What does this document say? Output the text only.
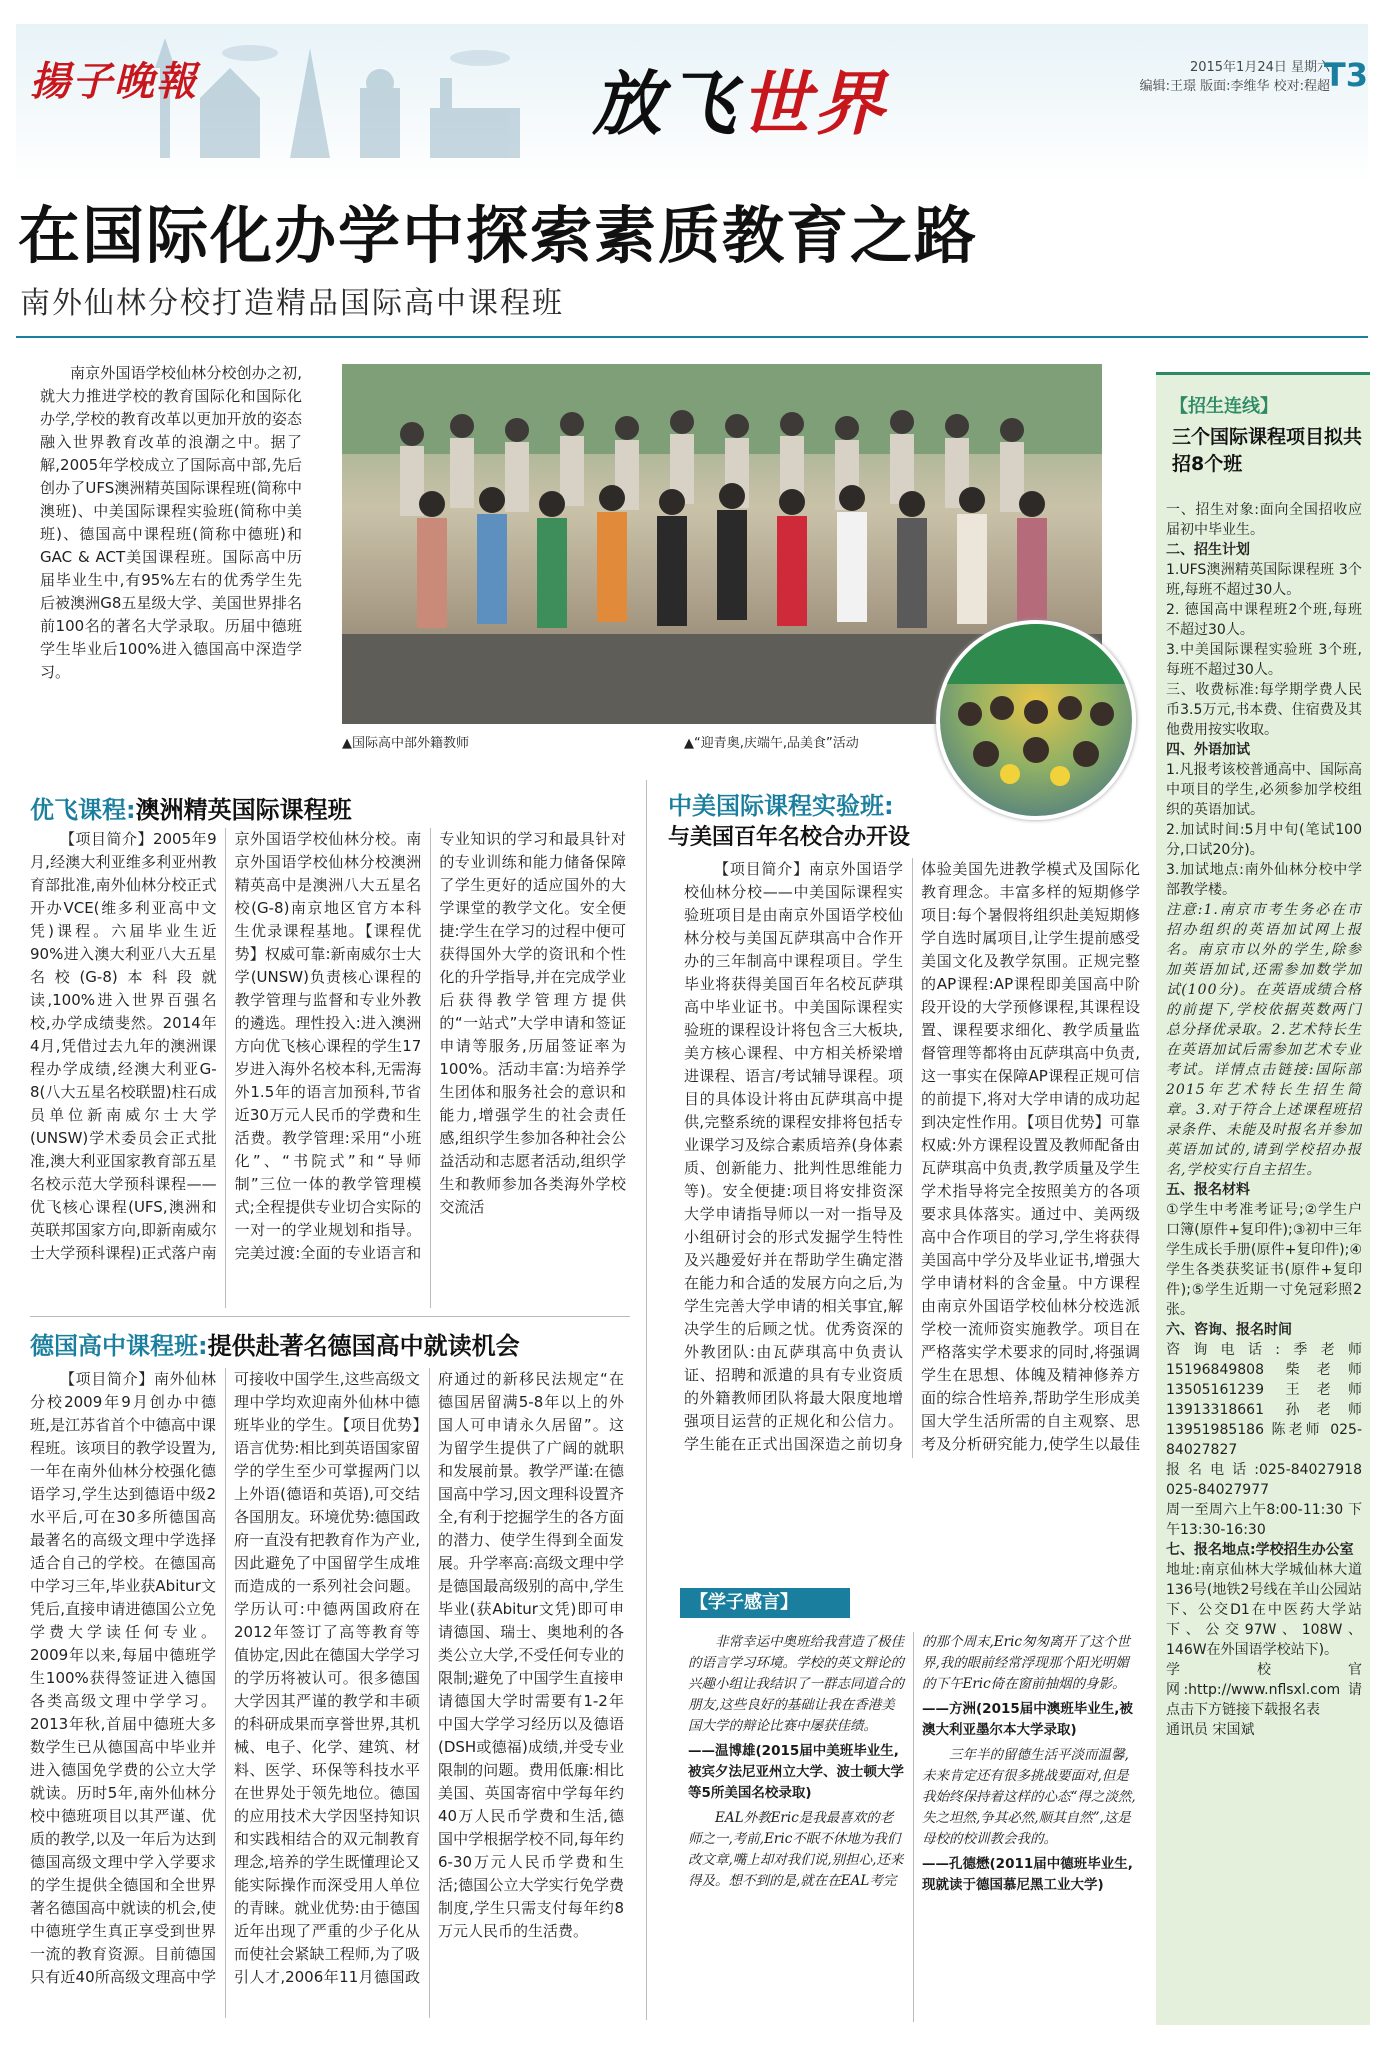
揚子晚報	放飞世界	2015年1月24日 星期六
编辑:王璟 版面:李维华 校对:程超
T3
在国际化办学中探索素质教育之路
南外仙林分校打造精品国际高中课程班

南京外国语学校仙林分校创办之初,就大力推进学校的教育国际化和国际化办学,学校的教育改革以更加开放的姿态融入世界教育改革的浪潮之中。据了解,2005年学校成立了国际高中部,先后创办了UFS澳洲精英国际课程班(简称中澳班)、中美国际课程实验班(简称中美班)、德国高中课程班(简称中德班)和GAC & ACT美国课程班。国际高中历届毕业生中,有95%左右的优秀学生先后被澳洲G8五星级大学、美国世界排名前100名的著名大学录取。历届中德班学生毕业后100%进入德国高中深造学习。

▲国际高中部外籍教师	▲“迎青奥,庆端午,品美食”活动
【招生连线】
三个国际课程项目拟共招8个班

一、招生对象:面向全国招收应届初中毕业生。

二、招生计划

1.UFS澳洲精英国际课程班 3个班,每班不超过30人。

2. 德国高中课程班2个班,每班不超过30人。

3.中美国际课程实验班 3个班,每班不超过30人。

三、收费标准:每学期学费人民币3.5万元,书本费、住宿费及其他费用按实收取。

四、外语加试

1.凡报考该校普通高中、国际高中项目的学生,必须参加学校组织的英语加试。

2.加试时间:5月中旬(笔试100分,口试20分)。

3.加试地点:南外仙林分校中学部教学楼。

注意:1.南京市考生务必在市招办组织的英语加试网上报名。南京市以外的学生,除参加英语加试,还需参加数学加试(100分)。在英语成绩合格的前提下,学校依据英数两门总分择优录取。2.艺术特长生在英语加试后需参加艺术专业考试。详情点击链接:国际部2015年艺术特长生招生简章。3.对于符合上述课程班招录条件、未能及时报名并参加英语加试的,请到学校招办报名,学校实行自主招生。

五、报名材料

①学生中考准考证号;②学生户口簿(原件+复印件);③初中三年学生成长手册(原件+复印件);④学生各类获奖证书(原件+复印件);⑤学生近期一寸免冠彩照2张。

六、咨询、报名时间

咨询电话:季老师 15196849808 柴老师 13505161239 王老师 13913318661 孙老师 13951985186 陈老师 025-84027827

报名电话:025-84027918 025-84027977

周一至周六上午8:00-11:30 下午13:30-16:30

七、报名地点:学校招生办公室

地址:南京仙林大学城仙林大道136号(地铁2号线在羊山公园站下、公交D1在中医药大学站下、公交97W、108W、146W在外国语学校站下)。

学校官网:http://www.nflsxl.com 请点击下方链接下载报名表

通讯员 宋国斌

优飞课程:澳洲精英国际课程班

【项目简介】2005年9月,经澳大利亚维多利亚州教育部批准,南外仙林分校正式开办VCE(维多利亚高中文凭)课程。六届毕业生近90%进入澳大利亚八大五星名校(G-8)本科段就读,100%进入世界百强名校,办学成绩斐然。2014年4月,凭借过去九年的澳洲课程办学成绩,经澳大利亚G-8(八大五星名校联盟)柱石成员单位新南威尔士大学(UNSW)学术委员会正式批准,澳大利亚国家教育部五星名校示范大学预科课程——优飞核心课程(UFS,澳洲和英联邦国家方向,即新南威尔士大学预科课程)正式落户南京外国语学校仙林分校。南京外国语学校仙林分校澳洲精英高中是澳洲八大五星名校(G-8)南京地区官方本科生优录课程基地。【课程优势】权威可靠:新南威尔士大学(UNSW)负责核心课程的教学管理与监督和专业外教的遴选。理性投入:进入澳洲方向优飞核心课程的学生17岁进入海外名校本科,无需海外1.5年的语言加预科,节省近30万元人民币的学费和生活费。教学管理:采用“小班化”、“书院式”和“导师制”三位一体的教学管理模式;全程提供专业切合实际的一对一的学业规划和指导。完美过渡:全面的专业语言和专业知识的学习和最具针对的专业训练和能力储备保障了学生更好的适应国外的大学课堂的教学文化。安全便捷:学生在学习的过程中便可获得国外大学的资讯和个性化的升学指导,并在完成学业后获得教学管理方提供的“一站式”大学申请和签证申请等服务,历届签证率为100%。活动丰富:为培养学生团体和服务社会的意识和能力,增强学生的社会责任感,组织学生参加各种社会公益活动和志愿者活动,组织学生和教师参加各类海外学校交流活

中美国际课程实验班:
与美国百年名校合办开设

【项目简介】南京外国语学校仙林分校——中美国际课程实验班项目是由南京外国语学校仙林分校与美国瓦萨琪高中合作开办的三年制高中课程项目。学生毕业将获得美国百年名校瓦萨琪高中毕业证书。中美国际课程实验班的课程设计将包含三大板块,美方核心课程、中方相关桥梁增进课程、语言/考试辅导课程。项目的具体设计将由瓦萨琪高中提供,完整系统的课程安排将包括专业课学习及综合素质培养(身体素质、创新能力、批判性思维能力等)。安全便捷:项目将安排资深大学申请指导师以一对一指导及小组研讨会的形式发掘学生特性及兴趣爱好并在帮助学生确定潜在能力和合适的发展方向之后,为学生完善大学申请的相关事宜,解决学生的后顾之忧。优秀资深的外教团队:由瓦萨琪高中负责认证、招聘和派遣的具有专业资质的外籍教师团队将最大限度地增强项目运营的正规化和公信力。学生能在正式出国深造之前切身体验美国先进教学模式及国际化教育理念。丰富多样的短期修学项目:每个暑假将组织赴美短期修学自选时属项目,让学生提前感受美国文化及教学氛围。正规完整的AP课程:AP课程即美国高中阶段开设的大学预修课程,其课程设置、课程要求细化、教学质量监督管理等都将由瓦萨琪高中负责,这一事实在保障AP课程正规可信的前提下,将对大学申请的成功起到决定性作用。【项目优势】可靠权威:外方课程设置及教师配备由瓦萨琪高中负责,教学质量及学生学术指导将完全按照美方的各项要求具体落实。通过中、美两级高中合作项目的学习,学生将获得美国高中学分及毕业证书,增强大学申请材料的含金量。中方课程由南京外国语学校仙林分校选派学校一流师资实施教学。项目在严格落实学术要求的同时,将强调学生在思想、体魄及精神修养方面的综合性培养,帮助学生形成美国大学生活所需的自主观察、思考及分析研究能力,使学生以最佳

德国高中课程班:提供赴著名德国高中就读机会

【项目简介】南外仙林分校2009年9月创办中德班,是江苏省首个中德高中课程班。该项目的教学设置为,一年在南外仙林分校强化德语学习,学生达到德语中级2水平后,可在30多所德国高最著名的高级文理中学选择适合自己的学校。在德国高中学习三年,毕业获Abitur文凭后,直接申请进德国公立免学费大学读任何专业。2009年以来,每届中德班学生100%获得签证进入德国各类高级文理中学学习。2013年秋,首届中德班大多数学生已从德国高中毕业并进入德国免学费的公立大学就读。历时5年,南外仙林分校中德班项目以其严谨、优质的教学,以及一年后为达到德国高级文理中学入学要求的学生提供全德国和全世界著名德国高中就读的机会,使中德班学生真正享受到世界一流的教育资源。目前德国只有近40所高级文理高中学可接收中国学生,这些高级文理中学均欢迎南外仙林中德班毕业的学生。【项目优势】语言优势:相比到英语国家留学的学生至少可掌握两门以上外语(德语和英语),可交结各国朋友。环境优势:德国政府一直没有把教育作为产业,因此避免了中国留学生成堆而造成的一系列社会问题。学历认可:中德两国政府在2012年签订了高等教育等值协定,因此在德国大学学习的学历将被认可。很多德国大学因其严谨的教学和丰硕的科研成果而享誉世界,其机械、电子、化学、建筑、材料、医学、环保等科技水平在世界处于领先地位。德国的应用技术大学因坚持知识和实践相结合的双元制教育理念,培养的学生既懂理论又能实际操作而深受用人单位的青睐。就业优势:由于德国近年出现了严重的少子化从而使社会紧缺工程师,为了吸引人才,2006年11月德国政府通过的新移民法规定“在德国居留满5-8年以上的外国人可申请永久居留”。这为留学生提供了广阔的就职和发展前景。教学严谨:在德国高中学习,因文理科设置齐全,有利于挖掘学生的各方面的潜力、使学生得到全面发展。升学率高:高级文理中学是德国最高级别的高中,学生毕业(获Abitur文凭)即可申请德国、瑞士、奥地利的各类公立大学,不受任何专业的限制;避免了中国学生直接申请德国大学时需要有1-2年中国大学学习经历以及德语(DSH或德福)成绩,并受专业限制的问题。费用低廉:相比美国、英国寄宿中学每年约40万人民币学费和生活,德国中学根据学校不同,每年约6-30万元人民币学费和生活;德国公立大学实行免学费制度,学生只需支付每年约8万元人民币的生活费。

【学子感言】

非常幸运中奥班给我营造了极佳的语言学习环境。学校的英文辩论的兴趣小组让我结识了一群志同道合的朋友,这些良好的基础让我在香港美国大学的辩论比赛中屡获佳绩。

——温博雄(2015届中美班毕业生,被宾夕法尼亚州立大学、波士顿大学等5所美国名校录取)

EAL外教Eric是我最喜欢的老师之一,考前,Eric不眠不休地为我们改文章,嘴上却对我们说,别担心,还来得及。想不到的是,就在在EAL考完的那个周末,Eric匆匆离开了这个世界,我的眼前经常浮现那个阳光明媚的下午Eric倚在窗前抽烟的身影。

——方洲(2015届中澳班毕业生,被澳大利亚墨尔本大学录取)

三年半的留德生活平淡而温馨,未来肯定还有很多挑战要面对,但是我始终保持着这样的心态“得之淡然,失之坦然,争其必然,顺其自然”,这是母校的校训教会我的。

——孔德懋(2011届中德班毕业生,现就读于德国慕尼黑工业大学)
